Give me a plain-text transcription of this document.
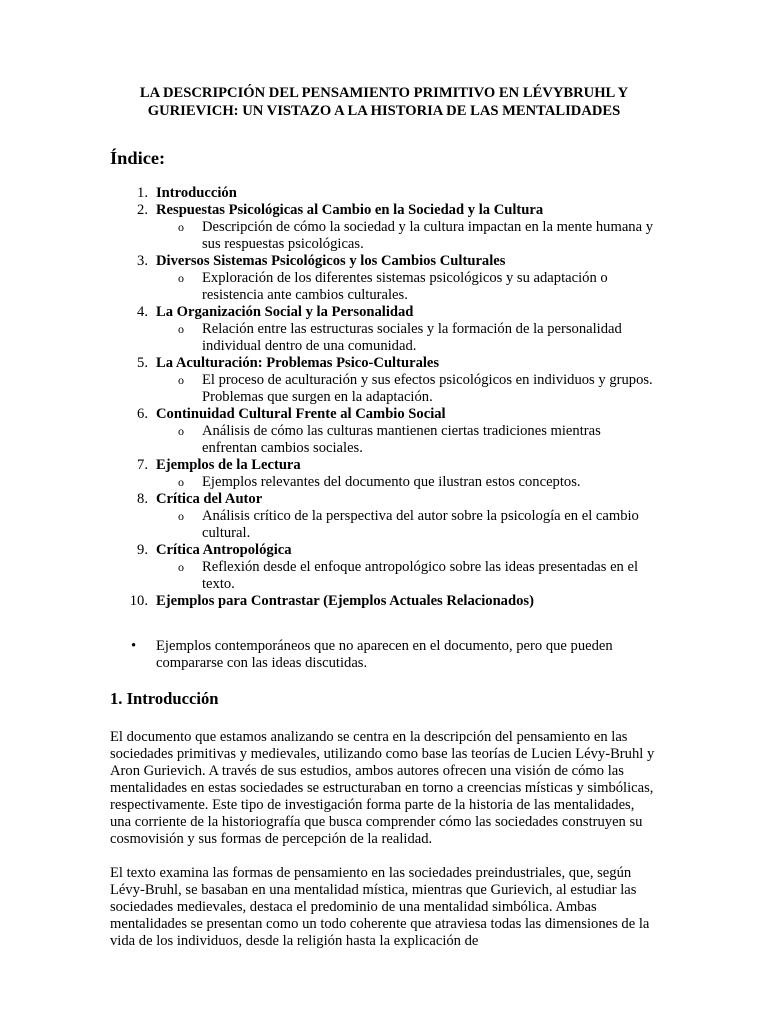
LA DESCRIPCIÓN DEL PENSAMIENTO PRIMITIVO EN LÉVYBRUHL Y GURIEVICH: UN VISTAZO A LA HISTORIA DE LAS MENTALIDADES
Índice:
1. Introducción
2. Respuestas Psicológicas al Cambio en la Sociedad y la Cultura
o Descripción de cómo la sociedad y la cultura impactan en la mente humana y sus respuestas psicológicas.
3. Diversos Sistemas Psicológicos y los Cambios Culturales
o Exploración de los diferentes sistemas psicológicos y su adaptación o resistencia ante cambios culturales.
4. La Organización Social y la Personalidad
o Relación entre las estructuras sociales y la formación de la personalidad individual dentro de una comunidad.
5. La Aculturación: Problemas Psico-Culturales
o El proceso de aculturación y sus efectos psicológicos en individuos y grupos. Problemas que surgen en la adaptación.
6. Continuidad Cultural Frente al Cambio Social
o Análisis de cómo las culturas mantienen ciertas tradiciones mientras enfrentan cambios sociales.
7. Ejemplos de la Lectura
o Ejemplos relevantes del documento que ilustran estos conceptos.
8. Crítica del Autor
o Análisis crítico de la perspectiva del autor sobre la psicología en el cambio cultural.
9. Crítica Antropológica
o Reflexión desde el enfoque antropológico sobre las ideas presentadas en el texto.
10. Ejemplos para Contrastar (Ejemplos Actuales Relacionados)
• Ejemplos contemporáneos que no aparecen en el documento, pero que pueden compararse con las ideas discutidas.
1. Introducción

El documento que estamos analizando se centra en la descripción del pensamiento en las sociedades primitivas y medievales, utilizando como base las teorías de Lucien Lévy-Bruhl y Aron Gurievich. A través de sus estudios, ambos autores ofrecen una visión de cómo las mentalidades en estas sociedades se estructuraban en torno a creencias místicas y simbólicas, respectivamente. Este tipo de investigación forma parte de la historia de las mentalidades, una corriente de la historiografía que busca comprender cómo las sociedades construyen su cosmovisión y sus formas de percepción de la realidad.

El texto examina las formas de pensamiento en las sociedades preindustriales, que, según Lévy-Bruhl, se basaban en una mentalidad mística, mientras que Gurievich, al estudiar las sociedades medievales, destaca el predominio de una mentalidad simbólica. Ambas mentalidades se presentan como un todo coherente que atraviesa todas las dimensiones de la vida de los individuos, desde la religión hasta la explicación de
